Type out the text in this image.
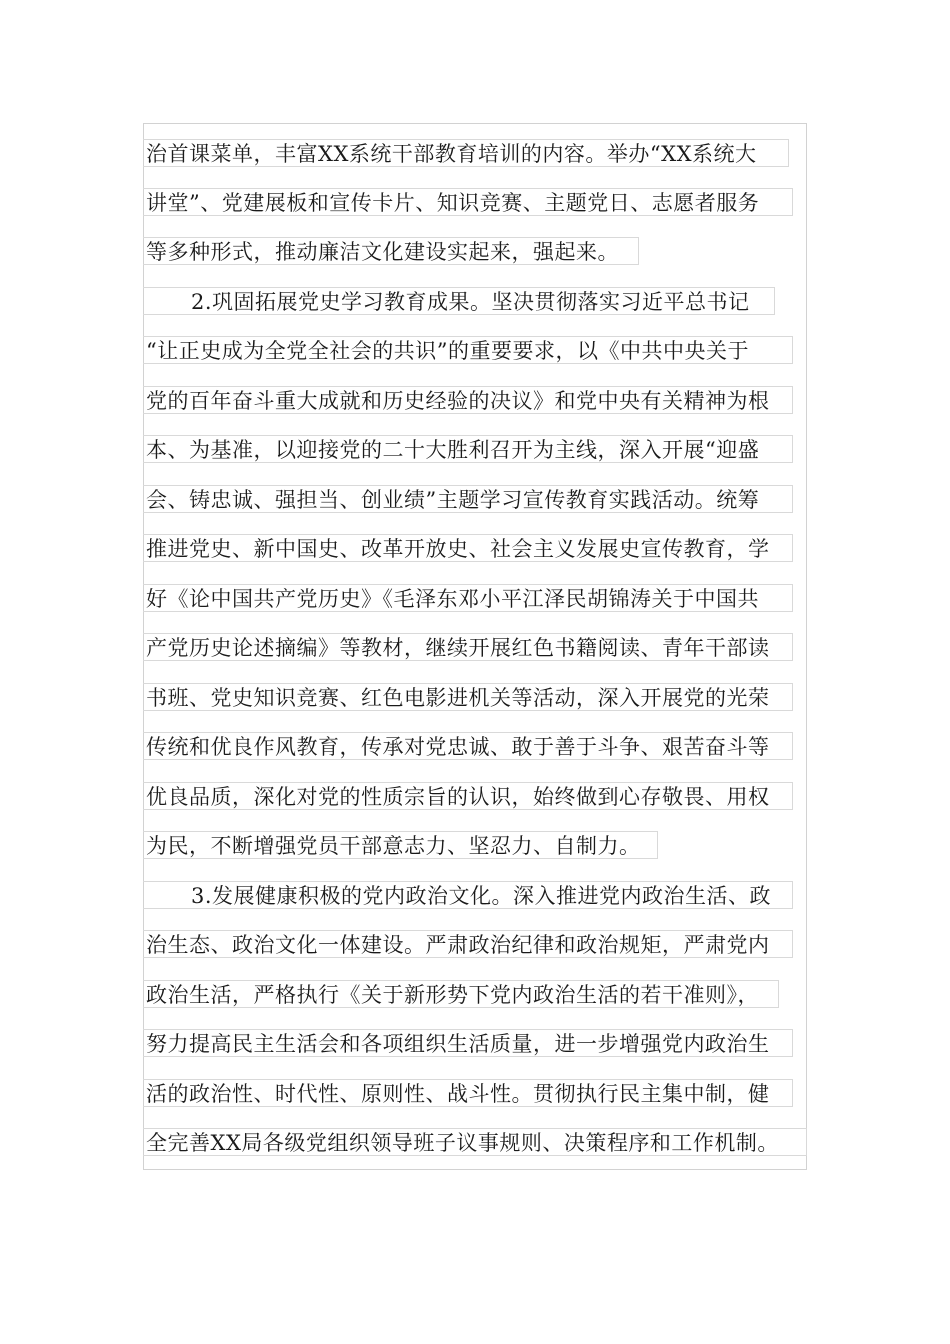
治首课菜单，丰富XX系统干部教育培训的内容。举办“XX系统大
讲堂”、党建展板和宣传卡片、知识竞赛、主题党日、志愿者服务
等多种形式，推动廉洁文化建设实起来，强起来。
2.巩固拓展党史学习教育成果。坚决贯彻落实习近平总书记
“让正史成为全党全社会的共识”的重要要求，以《中共中央关于
党的百年奋斗重大成就和历史经验的决议》和党中央有关精神为根
本、为基准，以迎接党的二十大胜利召开为主线，深入开展“迎盛
会、铸忠诚、强担当、创业绩”主题学习宣传教育实践活动。统筹
推进党史、新中国史、改革开放史、社会主义发展史宣传教育，学
好《论中国共产党历史》《毛泽东邓小平江泽民胡锦涛关于中国共
产党历史论述摘编》等教材，继续开展红色书籍阅读、青年干部读
书班、党史知识竞赛、红色电影进机关等活动，深入开展党的光荣
传统和优良作风教育，传承对党忠诚、敢于善于斗争、艰苦奋斗等
优良品质，深化对党的性质宗旨的认识，始终做到心存敬畏、用权
为民，不断增强党员干部意志力、坚忍力、自制力。
3.发展健康积极的党内政治文化。深入推进党内政治生活、政
治生态、政治文化一体建设。严肃政治纪律和政治规矩，严肃党内
政治生活，严格执行《关于新形势下党内政治生活的若干准则》，
努力提高民主生活会和各项组织生活质量，进一步增强党内政治生
活的政治性、时代性、原则性、战斗性。贯彻执行民主集中制，健
全完善XX局各级党组织领导班子议事规则、决策程序和工作机制。
